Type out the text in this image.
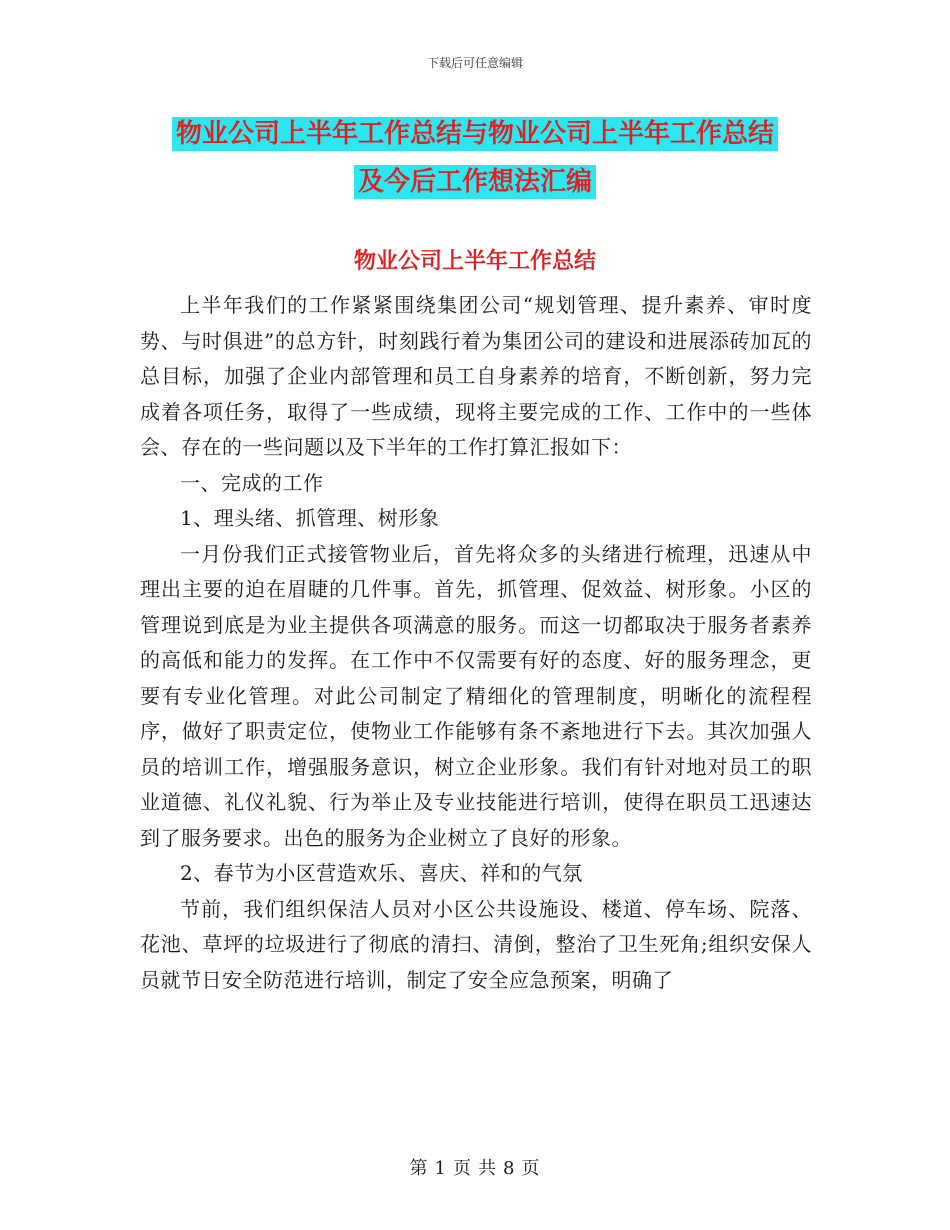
下载后可任意编辑
物业公司上半年工作总结与物业公司上半年工作总结
及今后工作想法汇编
物业公司上半年工作总结

上半年我们的工作紧紧围绕集团公司“规划管理、提升素养、审时度势、与时俱进”的总方针，时刻践行着为集团公司的建设和进展添砖加瓦的总目标，加强了企业内部管理和员工自身素养的培育，不断创新，努力完成着各项任务，取得了一些成绩，现将主要完成的工作、工作中的一些体会、存在的一些问题以及下半年的工作打算汇报如下：

一、完成的工作

1、理头绪、抓管理、树形象

一月份我们正式接管物业后，首先将众多的头绪进行梳理，迅速从中理出主要的迫在眉睫的几件事。首先，抓管理、促效益、树形象。小区的管理说到底是为业主提供各项满意的服务。而这一切都取决于服务者素养的高低和能力的发挥。在工作中不仅需要有好的态度、好的服务理念，更要有专业化管理。对此公司制定了精细化的管理制度，明晰化的流程程序，做好了职责定位，使物业工作能够有条不紊地进行下去。其次加强人员的培训工作，增强服务意识，树立企业形象。我们有针对地对员工的职业道德、礼仪礼貌、行为举止及专业技能进行培训，使得在职员工迅速达到了服务要求。出色的服务为企业树立了良好的形象。

2、春节为小区营造欢乐、喜庆、祥和的气氛

节前，我们组织保洁人员对小区公共设施设、楼道、停车场、院落、花池、草坪的垃圾进行了彻底的清扫、清倒，整治了卫生死角;组织安保人员就节日安全防范进行培训，制定了安全应急预案，明确了

第 1 页 共 8 页
